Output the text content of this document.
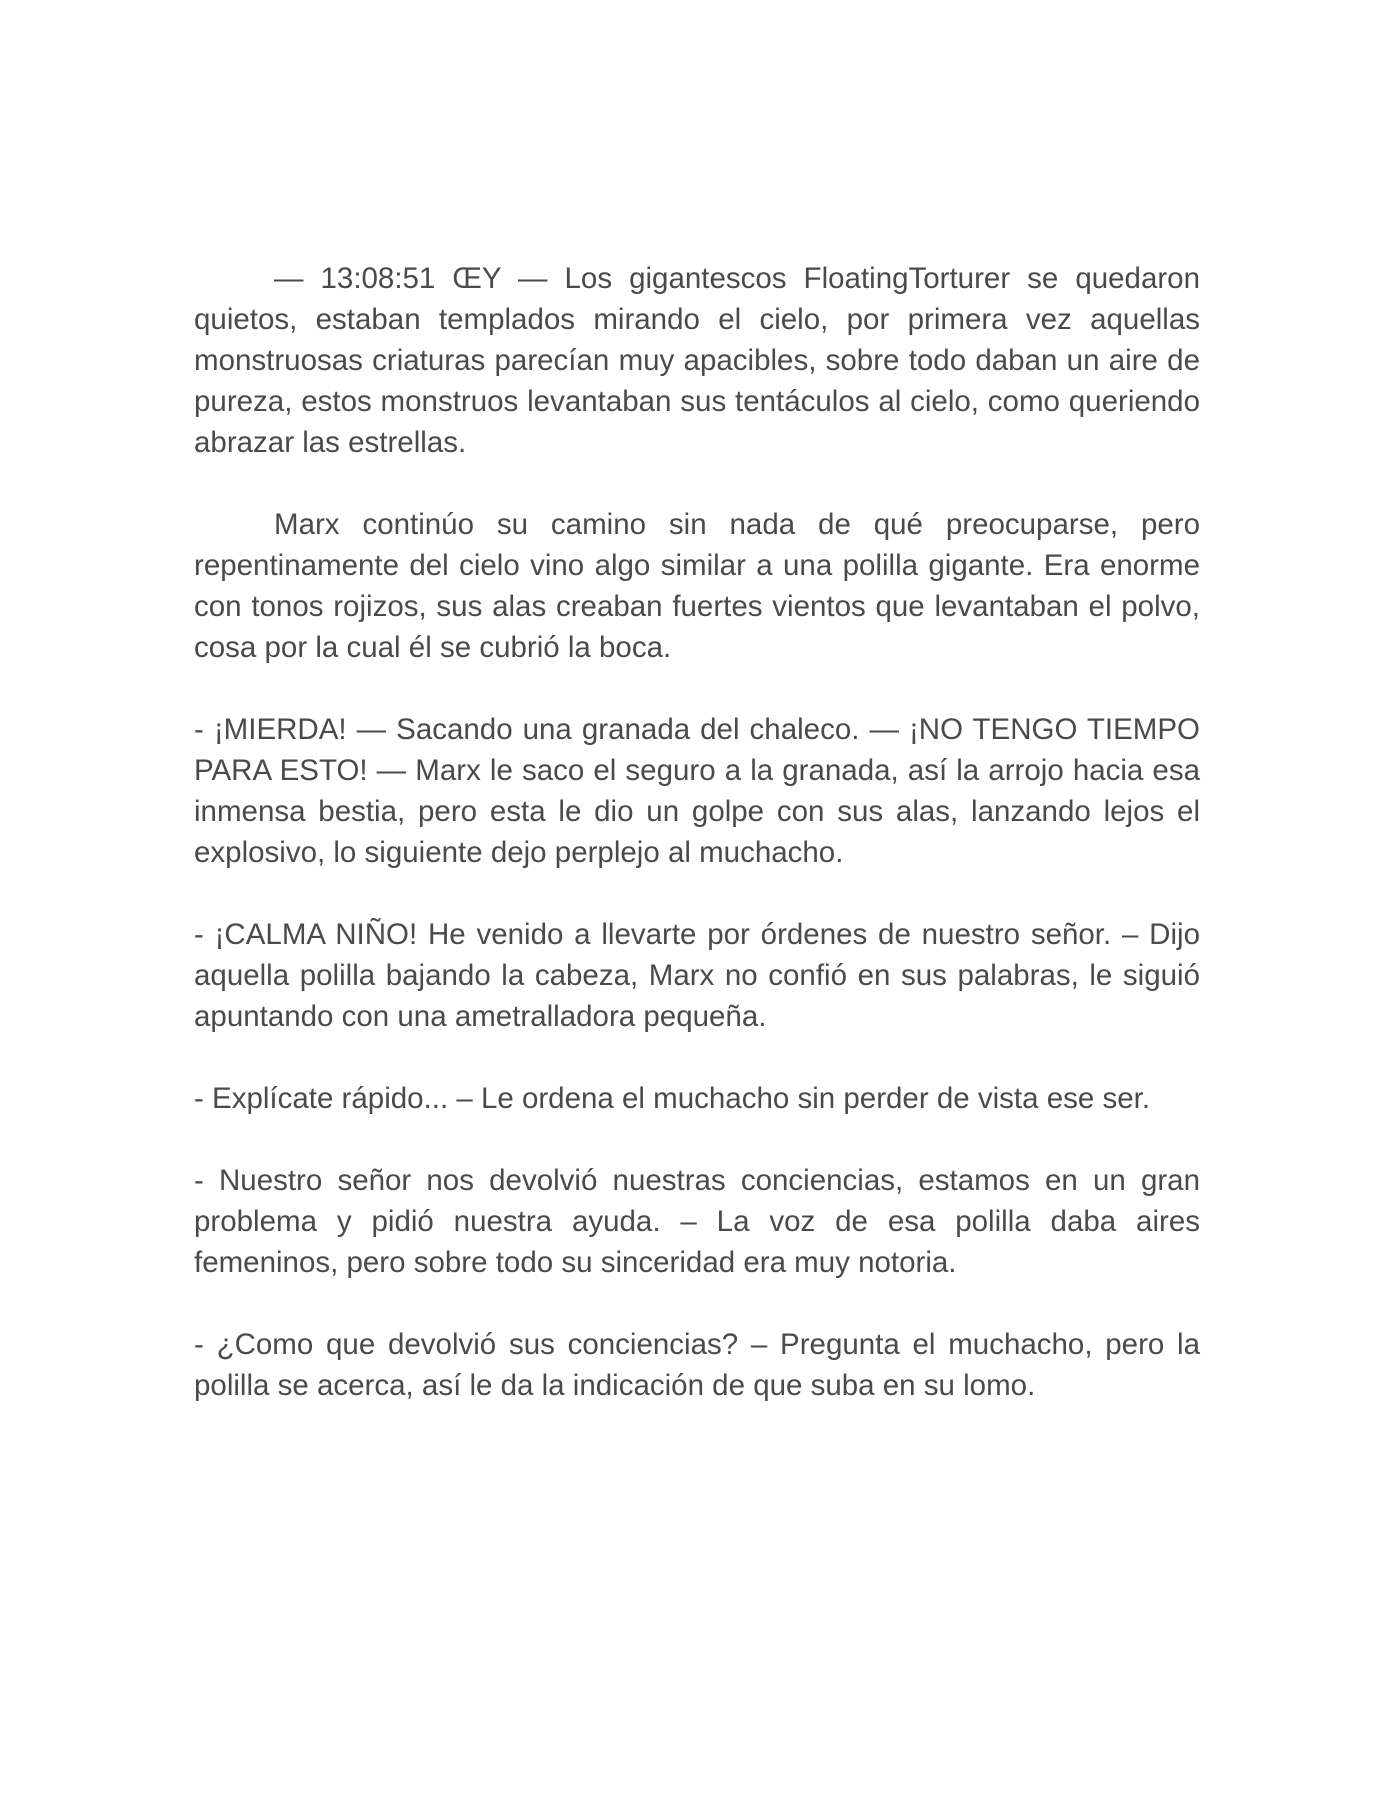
— 13:08:51 ŒY — Los gigantescos FloatingTorturer se quedaron quietos, estaban templados mirando el cielo, por primera vez aquellas monstruosas criaturas parecían muy apacibles, sobre todo daban un aire de pureza, estos monstruos levantaban sus tentáculos al cielo, como queriendo abrazar las estrellas.

Marx continúo su camino sin nada de qué preocuparse, pero repentinamente del cielo vino algo similar a una polilla gigante. Era enorme con tonos rojizos, sus alas creaban fuertes vientos que levantaban el polvo, cosa por la cual él se cubrió la boca.

- ¡MIERDA! — Sacando una granada del chaleco. — ¡NO TENGO TIEMPO PARA ESTO! — Marx le saco el seguro a la granada, así la arrojo hacia esa inmensa bestia, pero esta le dio un golpe con sus alas, lanzando lejos el explosivo, lo siguiente dejo perplejo al muchacho.

- ¡CALMA NIÑO! He venido a llevarte por órdenes de nuestro señor. – Dijo aquella polilla bajando la cabeza, Marx no confió en sus palabras, le siguió apuntando con una ametralladora pequeña.

- Explícate rápido... – Le ordena el muchacho sin perder de vista ese ser.

- Nuestro señor nos devolvió nuestras conciencias, estamos en un gran problema y pidió nuestra ayuda. – La voz de esa polilla daba aires femeninos, pero sobre todo su sinceridad era muy notoria.

- ¿Como que devolvió sus conciencias? – Pregunta el muchacho, pero la polilla se acerca, así le da la indicación de que suba en su lomo.
